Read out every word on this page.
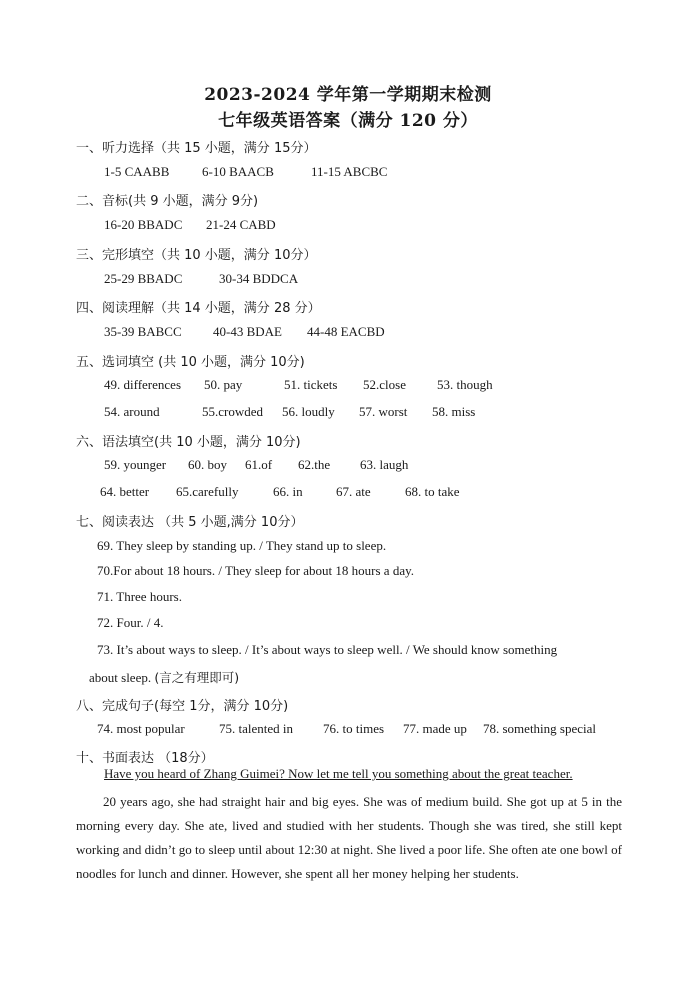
2023-2024 学年第一学期期末检测
七年级英语答案（满分 120 分）
一、听力选择（共 15 小题，满分 15分）
1-5 CAABB	6-10 BAACB	11-15 ABCBC
二、音标(共 9 小题，满分 9分)
16-20 BBADC 21-24 CABD
三、完形填空（共 10 小题，满分 10分）
25-29 BBADC	30-34 BDDCA
四、阅读理解（共 14 小题，满分 28 分）
35-39 BABCC 40-43 BDAE 44-48 EACBD
五、选词填空 (共 10 小题，满分 10分)
49. differences 50. pay	51. tickets 52.close 53. though
54. around	55.crowded 56. loudly 57. worst 58. miss
六、语法填空(共 10 小题，满分 10分)
59. younger 60. boy 61.of 62.the 63. laugh
64. better 65.carefully	66. in	67. ate	68. to take
七、阅读表达 （共 5 小题,满分 10分）
69. They sleep by standing up. / They stand up to sleep.
70.For about 18 hours. / They sleep for about 18 hours a day.
71. Three hours.
72. Four. / 4.
73. It’s about ways to sleep. / It’s about ways to sleep well. / We should know something
about sleep. (言之有理即可)
八、完成句子(每空 1分，满分 10分)
74. most popular	75. talented in 76. to times 77. made up 78. something special
十、书面表达 （18分）
Have you heard of Zhang Guimei? Now let me tell you something about the great teacher.
20 years ago, she had straight hair and big eyes. She was of medium build. She got up at 5 in the morning every day. She ate, lived and studied with her students. Though she was tired, she still kept working and didn’t go to sleep until about 12:30 at night. She lived a poor life. She often ate one bowl of noodles for lunch and dinner. However, she spent all her money helping her students.
